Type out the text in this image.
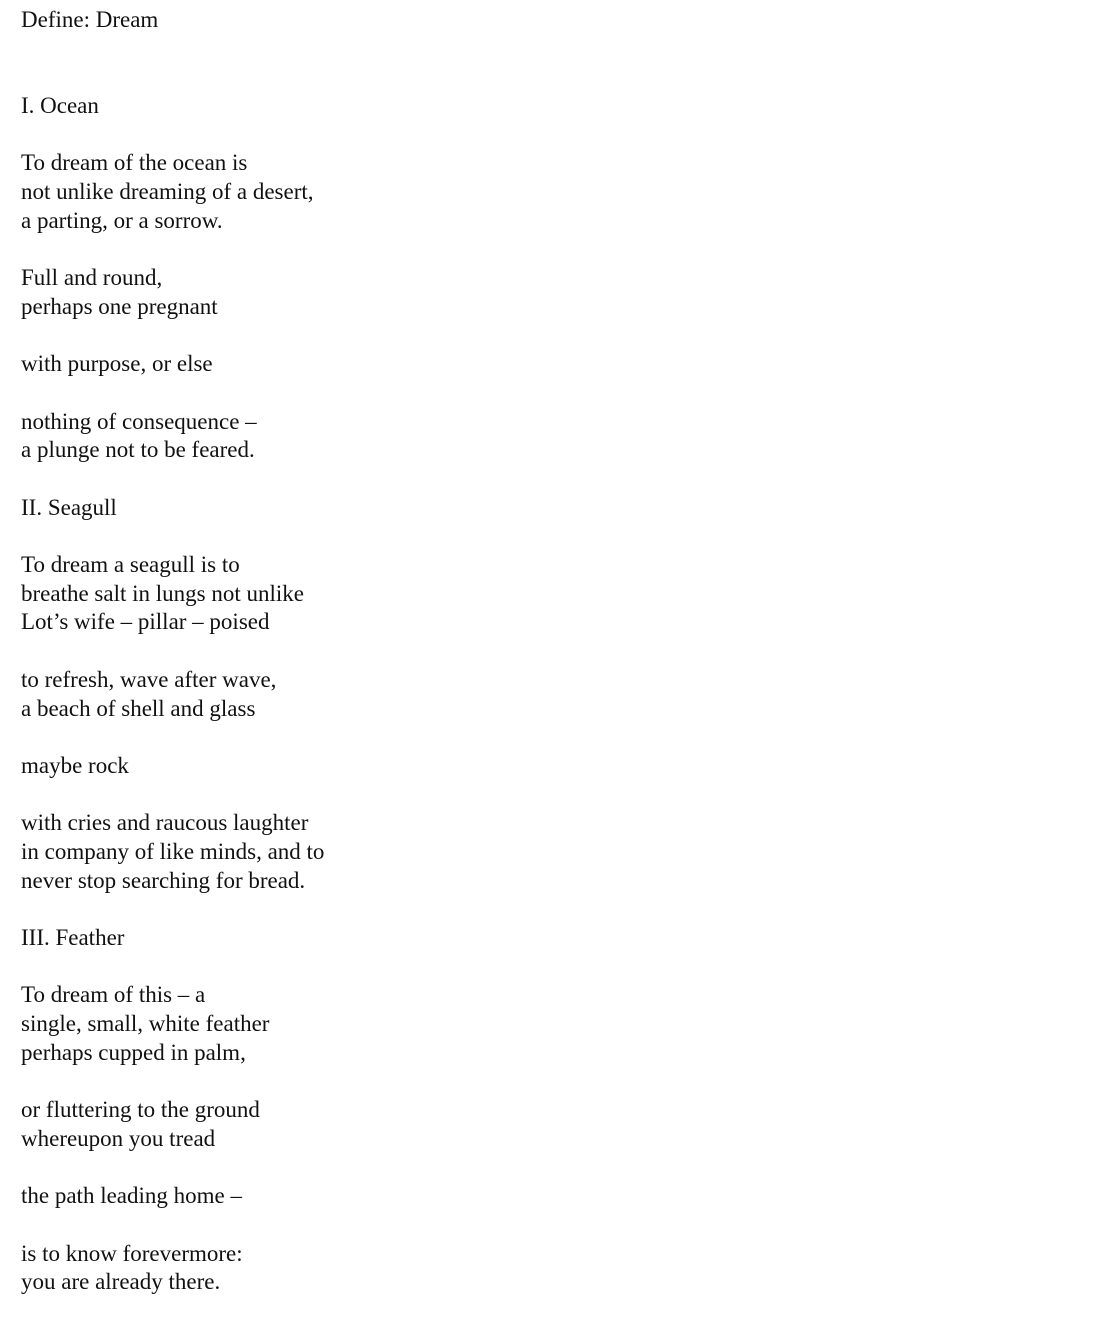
Define: Dream
I. Ocean
To dream of the ocean is
not unlike dreaming of a desert,
a parting, or a sorrow.
Full and round,
perhaps one pregnant
with purpose, or else
nothing of consequence –
a plunge not to be feared.
II. Seagull
To dream a seagull is to
breathe salt in lungs not unlike
Lot’s wife – pillar – poised
to refresh, wave after wave,
a beach of shell and glass
maybe rock
with cries and raucous laughter
in company of like minds, and to
never stop searching for bread.
III. Feather
To dream of this – a
single, small, white feather
perhaps cupped in palm,
or fluttering to the ground
whereupon you tread
the path leading home –
is to know forevermore:
you are already there.
